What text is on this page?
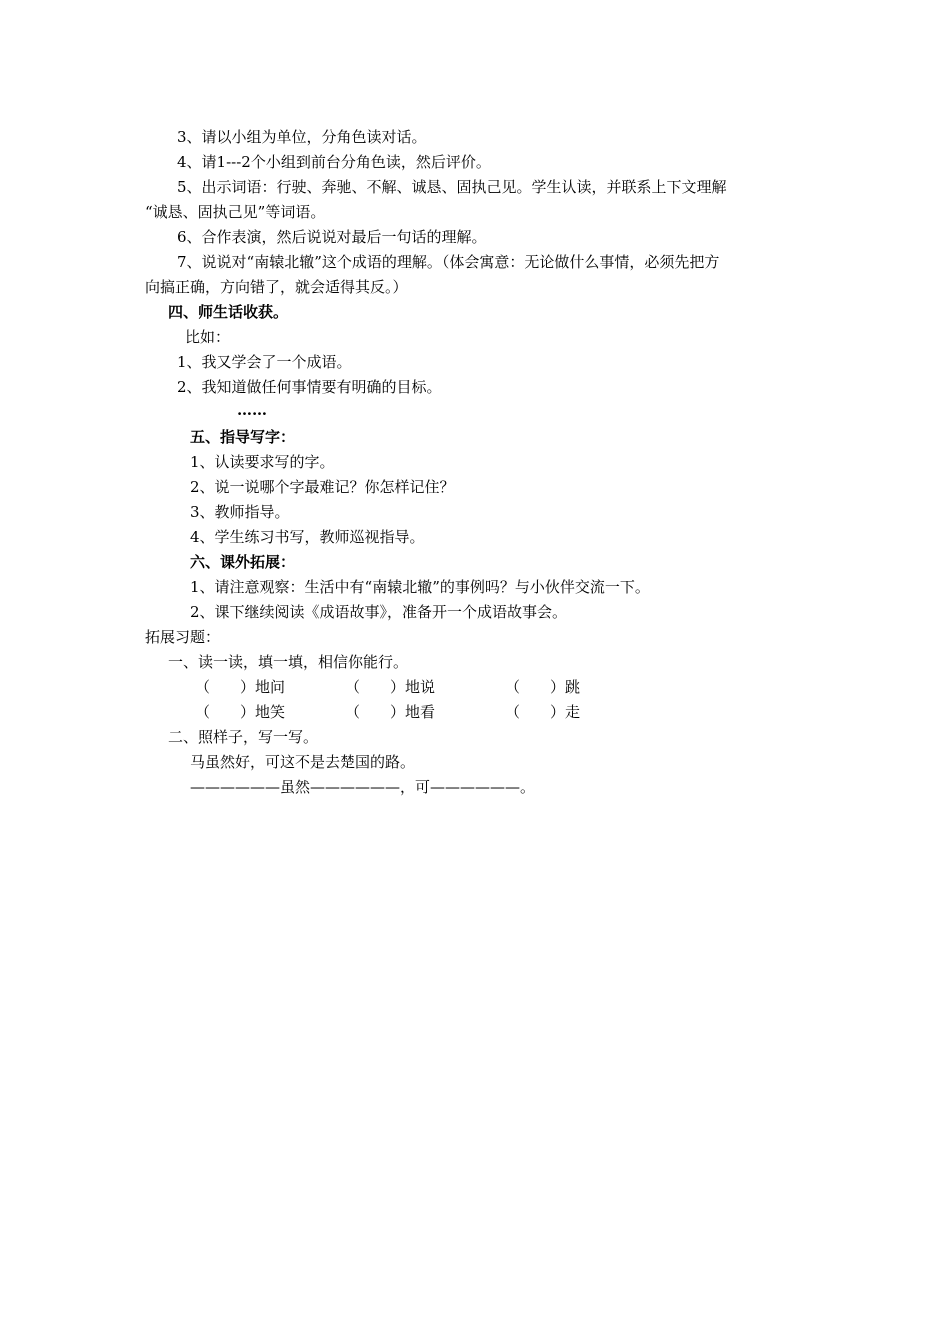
3、请以小组为单位，分角色读对话。
4、请1---2个小组到前台分角色读，然后评价。
5、出示词语：行驶、奔驰、不解、诚恳、固执己见。学生认读，并联系上下文理解
“诚恳、固执己见”等词语。
6、合作表演，然后说说对最后一句话的理解。
7、说说对“南辕北辙”这个成语的理解。（体会寓意：无论做什么事情，必须先把方
向搞正确，方向错了，就会适得其反。）
四、师生话收获。
比如：
1、我又学会了一个成语。
2、我知道做任何事情要有明确的目标。
……
五、指导写字：
1、认读要求写的字。
2、说一说哪个字最难记？你怎样记住？
3、教师指导。
4、学生练习书写，教师巡视指导。
六、课外拓展：
1、请注意观察：生活中有“南辕北辙”的事例吗？与小伙伴交流一下。
2、课下继续阅读《成语故事》，准备开一个成语故事会。
拓展习题：
一、读一读，填一填，相信你能行。
（　　）地问	（　　）地说	（　　）跳
（　　）地笑	（　　）地看	（　　）走
二、照样子，写一写。
马虽然好，可这不是去楚国的路。
——————虽然——————，可——————。
